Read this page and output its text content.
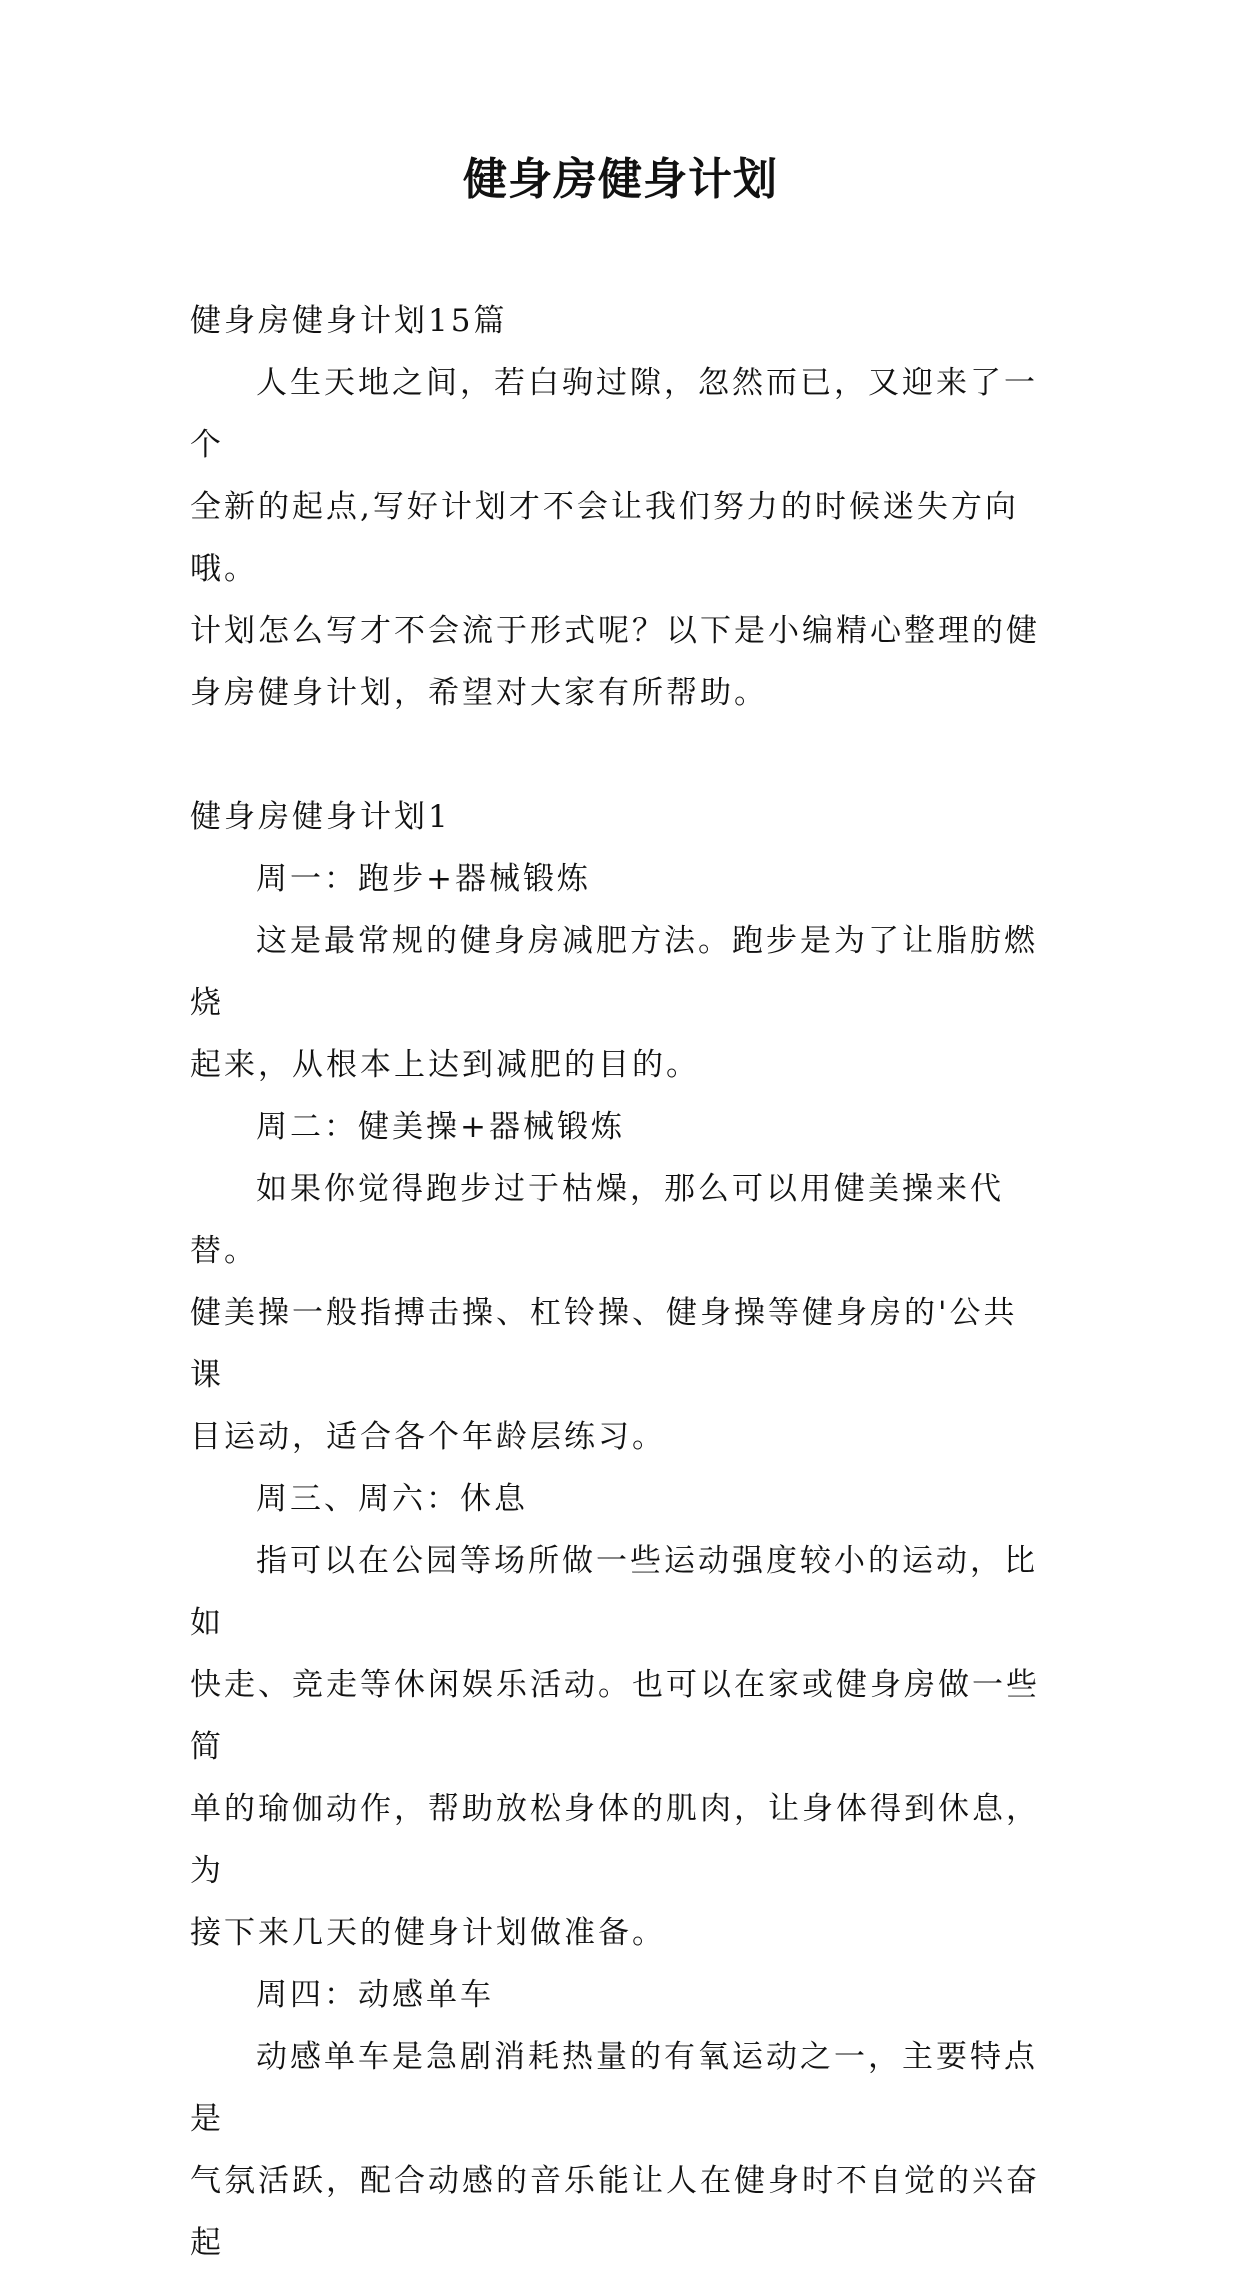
健身房健身计划

健身房健身计划15篇

人生天地之间，若白驹过隙，忽然而已，又迎来了一个
全新的起点,写好计划才不会让我们努力的时候迷失方向哦。
计划怎么写才不会流于形式呢？以下是小编精心整理的健
身房健身计划，希望对大家有所帮助。

健身房健身计划1

周一：跑步+器械锻炼

这是最常规的健身房减肥方法。跑步是为了让脂肪燃烧
起来，从根本上达到减肥的目的。

周二：健美操+器械锻炼

如果你觉得跑步过于枯燥，那么可以用健美操来代替。
健美操一般指搏击操、杠铃操、健身操等健身房的'公共课
目运动，适合各个年龄层练习。

周三、周六：休息

指可以在公园等场所做一些运动强度较小的运动，比如
快走、竞走等休闲娱乐活动。也可以在家或健身房做一些简
单的瑜伽动作，帮助放松身体的肌肉，让身体得到休息，为
接下来几天的健身计划做准备。

周四：动感单车

动感单车是急剧消耗热量的有氧运动之一，主要特点是
气氛活跃，配合动感的音乐能让人在健身时不自觉的兴奋起
